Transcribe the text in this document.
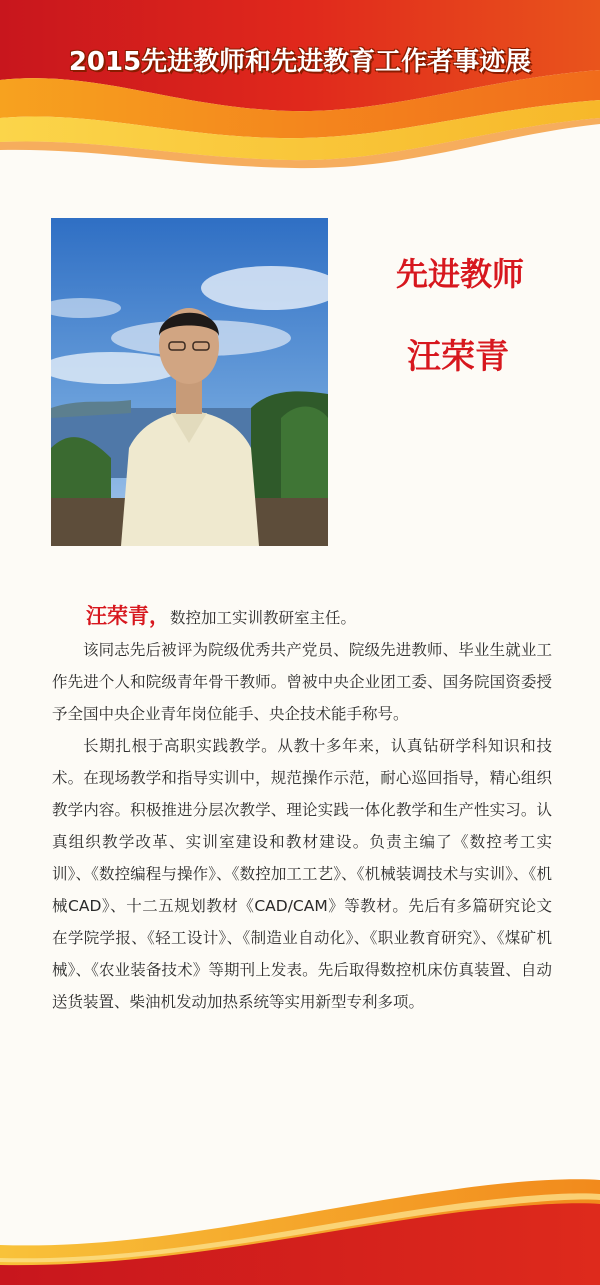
2015先进教师和先进教育工作者事迹展
先进教师
汪荣青

汪荣青，数控加工实训教研室主任。

该同志先后被评为院级优秀共产党员、院级先进教师、毕业生就业工作先进个人和院级青年骨干教师。曾被中央企业团工委、国务院国资委授予全国中央企业青年岗位能手、央企技术能手称号。

长期扎根于高职实践教学。从教十多年来，认真钻研学科知识和技术。在现场教学和指导实训中，规范操作示范，耐心巡回指导，精心组织教学内容。积极推进分层次教学、理论实践一体化教学和生产性实习。认真组织教学改革、实训室建设和教材建设。负责主编了《数控考工实训》、《数控编程与操作》、《数控加工工艺》、《机械装调技术与实训》、《机械CAD》、十二五规划教材《CAD/CAM》等教材。先后有多篇研究论文在学院学报、《轻工设计》、《制造业自动化》、《职业教育研究》、《煤矿机械》、《农业装备技术》等期刊上发表。先后取得数控机床仿真装置、自动送货装置、柴油机发动加热系统等实用新型专利多项。
